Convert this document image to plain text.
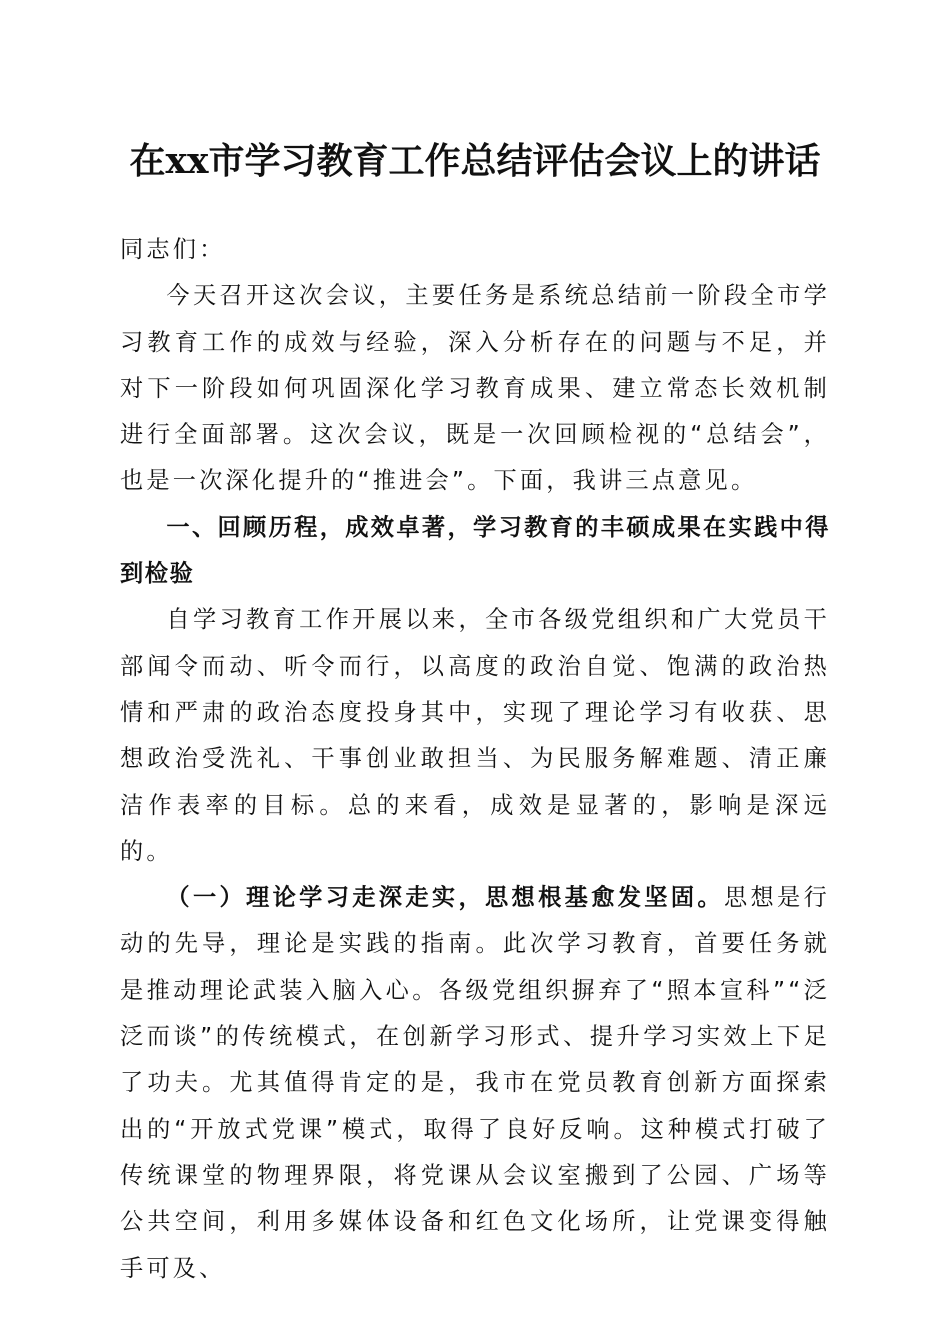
在xx市学习教育工作总结评估会议上的讲话

同志们：

今天召开这次会议，主要任务是系统总结前一阶段全市学习教育工作的成效与经验，深入分析存在的问题与不足，并对下一阶段如何巩固深化学习教育成果、建立常态长效机制进行全面部署。这次会议，既是一次回顾检视的“总结会”，也是一次深化提升的“推进会”。下面，我讲三点意见。

一、回顾历程，成效卓著，学习教育的丰硕成果在实践中得到检验

自学习教育工作开展以来，全市各级党组织和广大党员干部闻令而动、听令而行，以高度的政治自觉、饱满的政治热情和严肃的政治态度投身其中，实现了理论学习有收获、思想政治受洗礼、干事创业敢担当、为民服务解难题、清正廉洁作表率的目标。总的来看，成效是显著的，影响是深远的。

（一）理论学习走深走实，思想根基愈发坚固。思想是行动的先导，理论是实践的指南。此次学习教育，首要任务就是推动理论武装入脑入心。各级党组织摒弃了“照本宣科”“泛泛而谈”的传统模式，在创新学习形式、提升学习实效上下足了功夫。尤其值得肯定的是，我市在党员教育创新方面探索出的“开放式党课”模式，取得了良好反响。这种模式打破了传统课堂的物理界限，将党课从会议室搬到了公园、广场等公共空间，利用多媒体设备和红色文化场所，让党课变得触手可及、
